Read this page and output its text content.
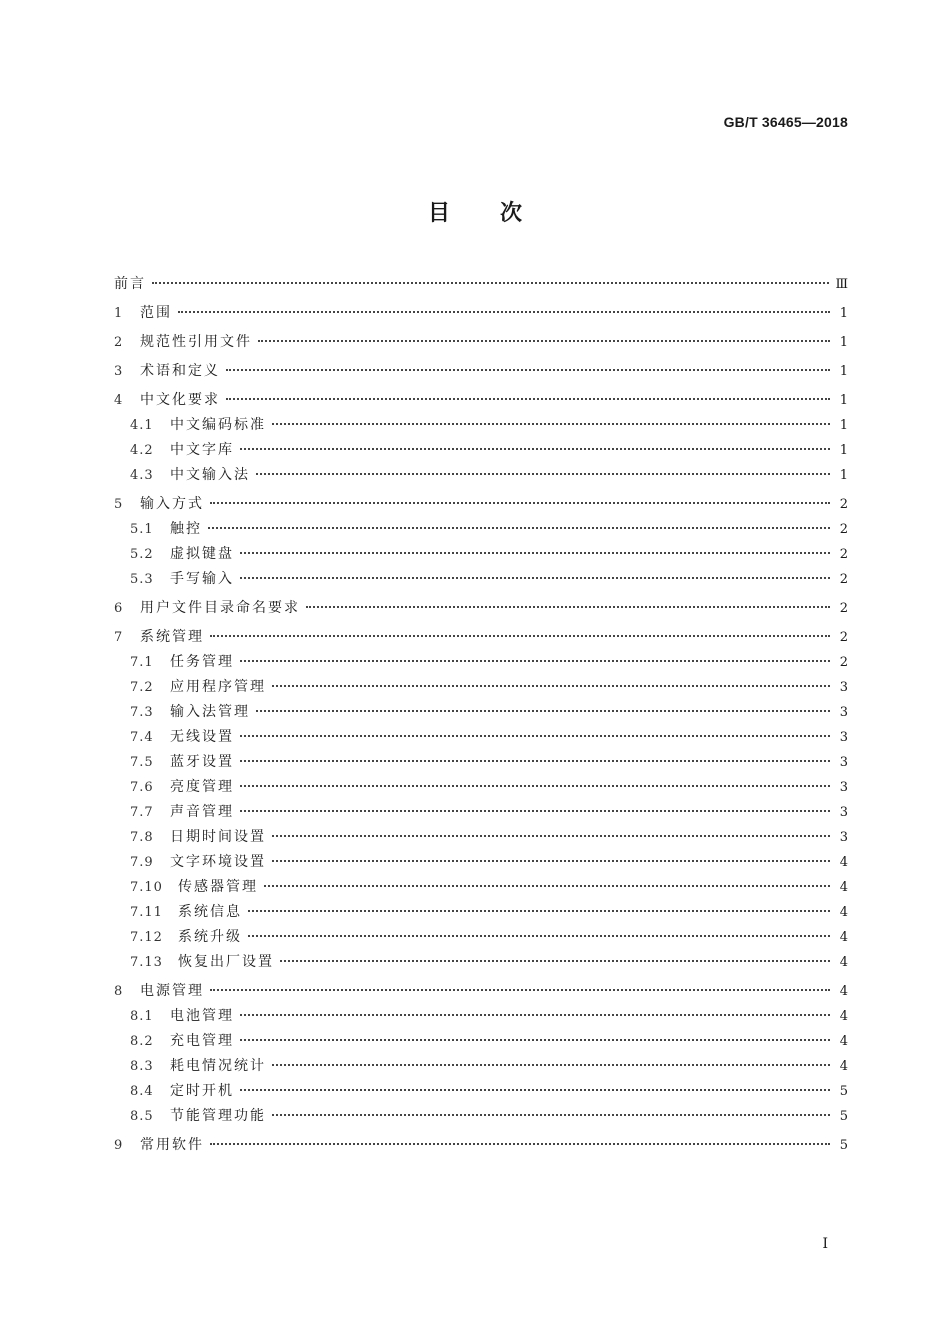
GB/T 36465—2018
目次
前言	Ⅲ
1	范围	1
2	规范性引用文件	1
3	术语和定义	1
4	中文化要求	1
4.1	中文编码标准	1
4.2	中文字库	1
4.3	中文输入法	1
5	输入方式	2
5.1	触控	2
5.2	虚拟键盘	2
5.3	手写输入	2
6	用户文件目录命名要求	2
7	系统管理	2
7.1	任务管理	2
7.2	应用程序管理	3
7.3	输入法管理	3
7.4	无线设置	3
7.5	蓝牙设置	3
7.6	亮度管理	3
7.7	声音管理	3
7.8	日期时间设置	3
7.9	文字环境设置	4
7.10	传感器管理	4
7.11	系统信息	4
7.12	系统升级	4
7.13	恢复出厂设置	4
8	电源管理	4
8.1	电池管理	4
8.2	充电管理	4
8.3	耗电情况统计	4
8.4	定时开机	5
8.5	节能管理功能	5
9	常用软件	5
I
